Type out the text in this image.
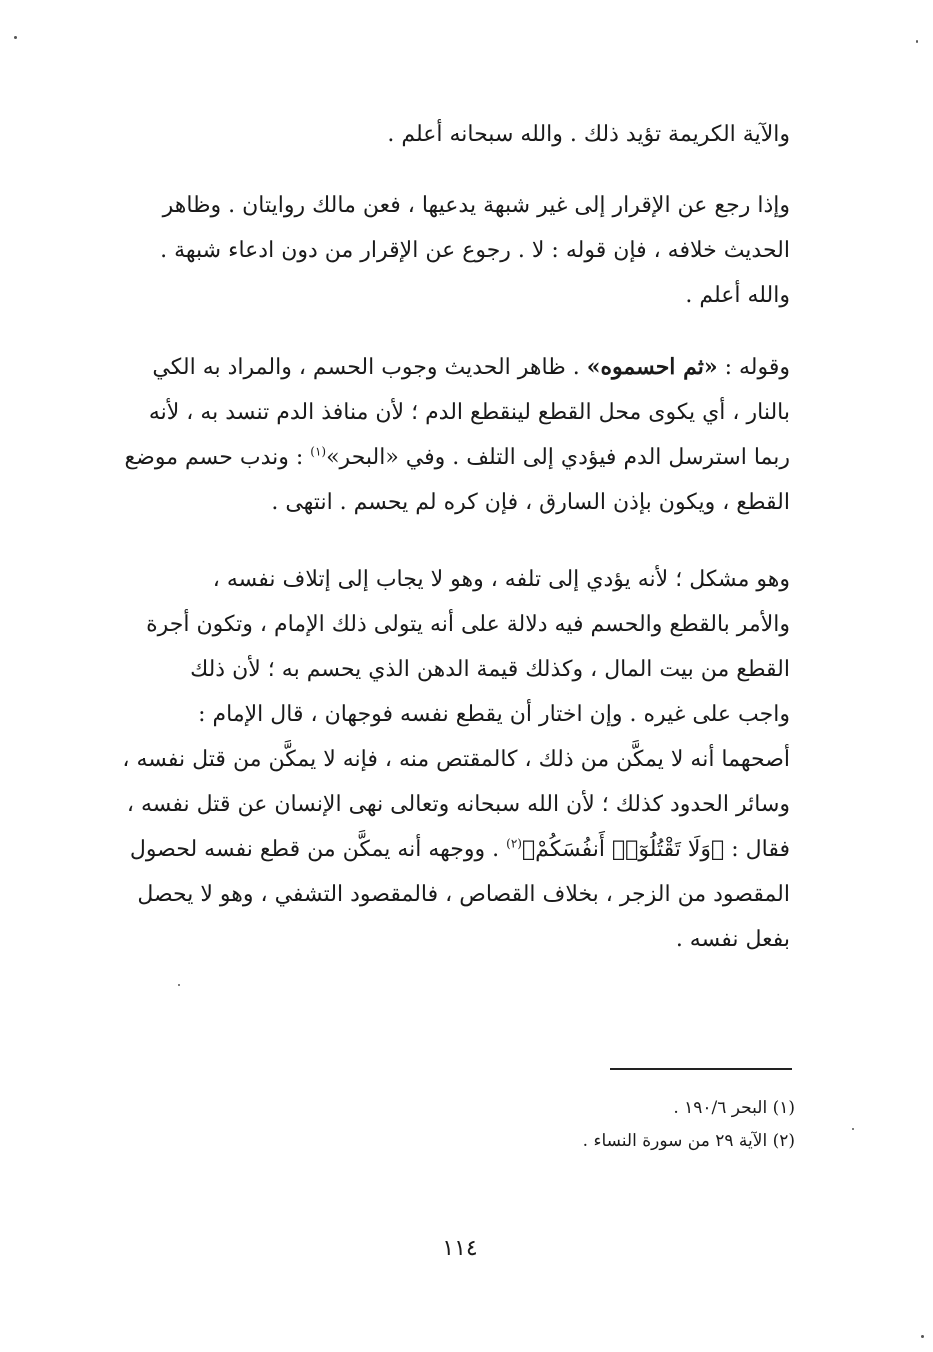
والآية الكريمة تؤيد ذلك . والله سبحانه أعلم .
وإذا رجع عن الإقرار إلى غير شبهة يدعيها ، فعن مالك روايتان . وظاهر
الحديث خلافه ، فإن قوله : لا . رجوع عن الإقرار من دون ادعاء شبهة .
والله أعلم .
وقوله : «ثم احسموه» . ظاهر الحديث وجوب الحسم ، والمراد به الكي
بالنار ، أي يكوى محل القطع لينقطع الدم ؛ لأن منافذ الدم تنسد به ، لأنه
ربما استرسل الدم فيؤدي إلى التلف . وفي «البحر»$^{(١)}$ : وندب حسم موضع
القطع ، ويكون بإذن السارق ، فإن كره لم يحسم . انتهى .
وهو مشكل ؛ لأنه يؤدي إلى تلفه ، وهو لا يجاب إلى إتلاف نفسه ،
والأمر بالقطع والحسم فيه دلالة على أنه يتولى ذلك الإمام ، وتكون أجرة
القطع من بيت المال ، وكذلك قيمة الدهن الذي يحسم به ؛ لأن ذلك
واجب على غيره . وإن اختار أن يقطع نفسه فوجهان ، قال الإمام :
أصحهما أنه لا يمكَّن من ذلك ، كالمقتص منه ، فإنه لا يمكَّن من قتل نفسه ،
وسائر الحدود كذلك ؛ لأن الله سبحانه وتعالى نهى الإنسان عن قتل نفسه ،
فقال : ﴿وَلَا تَقْتُلُوٓا۟ أَنفُسَكُمْ﴾$^{(٢)}$ . ووجهه أنه يمكَّن من قطع نفسه لحصول
المقصود من الزجر ، بخلاف القصاص ، فالمقصود التشفي ، وهو لا يحصل
بفعل نفسه .
(١) البحر ١٩٠/٦ .
(٢) الآية ٢٩ من سورة النساء .
١١٤
